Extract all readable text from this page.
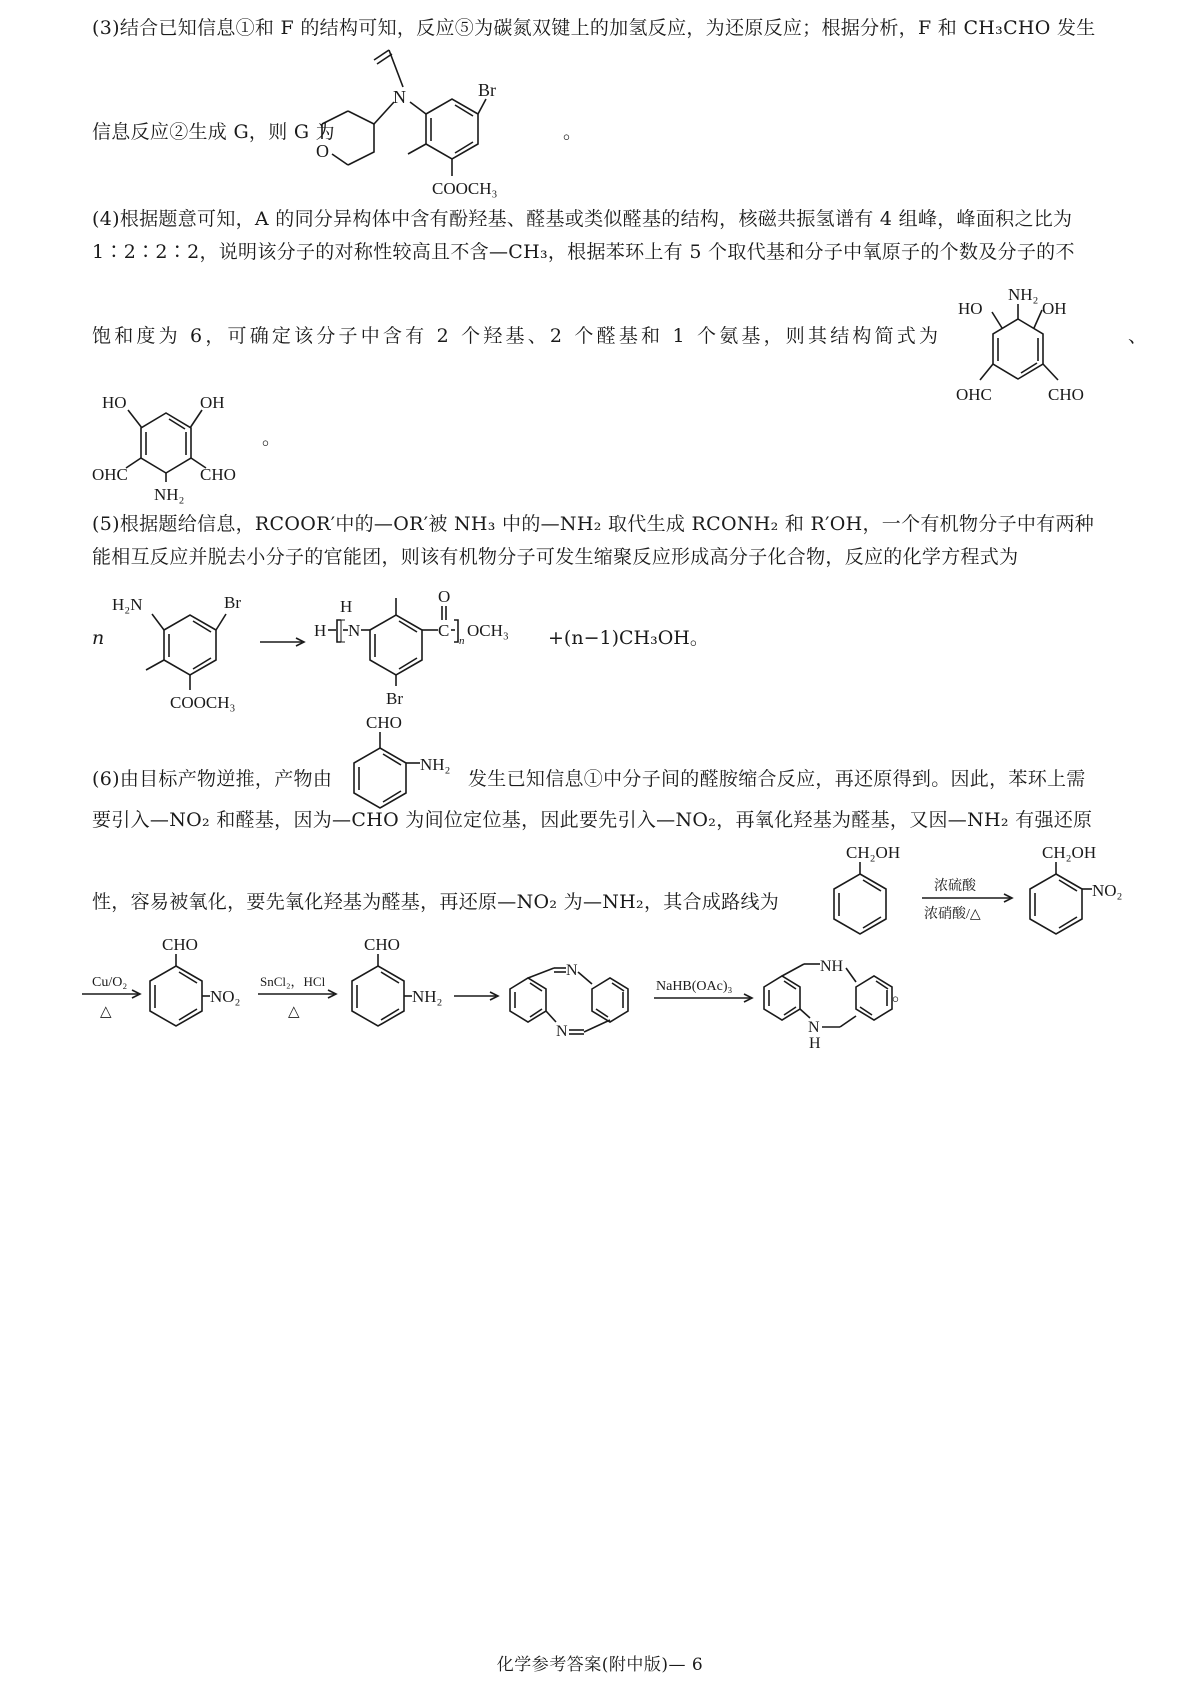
(3)结合已知信息①和 F 的结构可知，反应⑤为碳氮双键上的加氢反应，为还原反应；根据分析，F 和 CH₃CHO 发生
信息反应②生成 G，则 G 为
N
O
Br
COOCH₃
。
(4)根据题意可知，A 的同分异构体中含有酚羟基、醛基或类似醛基的结构，核磁共振氢谱有 4 组峰，峰面积之比为
1∶2∶2∶2，说明该分子的对称性较高且不含—CH₃，根据苯环上有 5 个取代基和分子中氧原子的个数及分子的不
饱和度为 6，可确定该分子中含有 2 个羟基、2 个醛基和 1 个氨基，则其结构简式为
NH₂
HO	OH
OHC	CHO
、
HO	OH
OHC	CHO
NH₂
。
(5)根据题给信息，RCOOR′中的—OR′被 NH₃ 中的—NH₂ 取代生成 RCONH₂ 和 R′OH，一个有机物分子中有两种
能相互反应并脱去小分子的官能团，则该有机物分子可发生缩聚反应形成高分子化合物，反应的化学方程式为
n
H₂N	Br
COOCH₃
H
H
N	C
O
n
OCH₃
Br
+(n−1)CH₃OH。
(6)由目标产物逆推，产物由
CHO
NH₂
发生已知信息①中分子间的醛胺缩合反应，再还原得到。因此，苯环上需
要引入—NO₂ 和醛基，因为—CHO 为间位定位基，因此要先引入—NO₂，再氧化羟基为醛基，又因—NH₂ 有强还原
性，容易被氧化，要先氧化羟基为醛基，再还原—NO₂ 为—NH₂，其合成路线为
CH₂OH
浓硫酸
浓硝酸/△
CH₂OH
NO₂
Cu/O₂
△
CHO
NO₂
SnCl₂，HCl
△
CHO
NH₂
N
N
NaHB(OAc)₃
NH
N
H
。
化学参考答案(附中版)— 6
